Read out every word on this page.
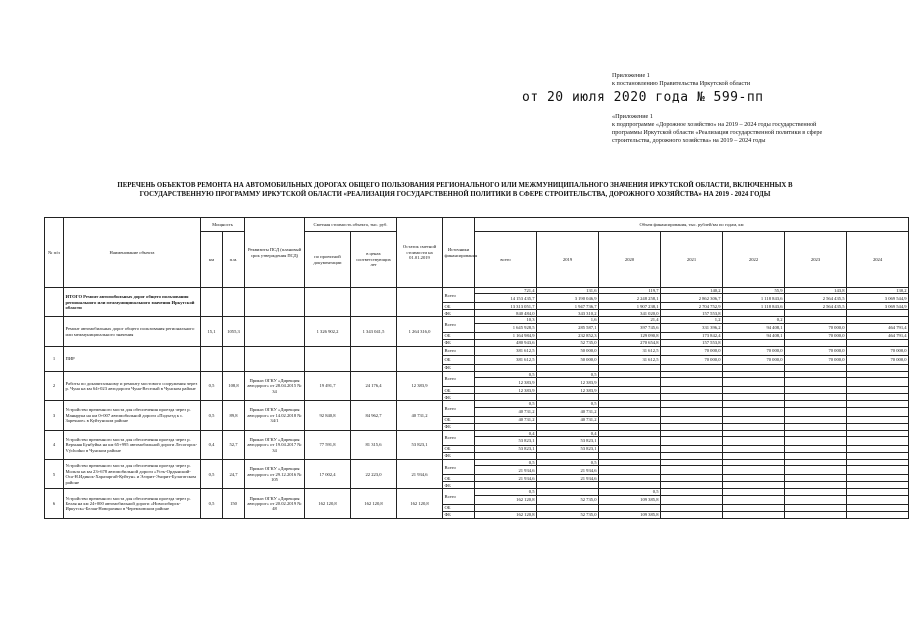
Приложение 1
к постановлению Правительства Иркутской области
от 20 июля 2020 года № 599-пп
«Приложение 1
к подпрограмме «Дорожное хозяйство» на 2019 – 2024 годы государственной
программы Иркутской области «Реализация государственной политики в сфере
строительства, дорожного хозяйства» на 2019 – 2024 годы
ПЕРЕЧЕНЬ ОБЪЕКТОВ РЕМОНТА НА АВТОМОБИЛЬНЫХ ДОРОГАХ ОБЩЕГО ПОЛЬЗОВАНИЯ РЕГИОНАЛЬНОГО ИЛИ МЕЖМУНИЦИПАЛЬНОГО ЗНАЧЕНИЯ ИРКУТСКОЙ ОБЛАСТИ, ВКЛЮЧЕННЫХ В
ГОСУДАРСТВЕННУЮ ПРОГРАММУ ИРКУТСКОЙ ОБЛАСТИ «РЕАЛИЗАЦИЯ ГОСУДАРСТВЕННОЙ ПОЛИТИКИ В СФЕРЕ СТРОИТЕЛЬСТВА, ДОРОЖНОГО ХОЗЯЙСТВА» НА 2019 - 2024 ГОДЫ
№ п/п	Наименование объекта	Мощность		Реквизиты ПСД (плановый срок утверждения ПСД)	Сметная стоимость объекта, тыс. руб.		Остаток сметной стоимости на 01.01.2019	Источники финансирования	Объем финансирования, тыс. рублей/км по годам, км						
		км	п.м.		по проектной документации	в ценах соответствующих лет			всего	2019	2020	2021	2022	2023	2024
	ИТОГО Ремонт автомобильных дорог общего пользования регионального или межмуниципального значения Иркутской области							Всего	721,4	131,6	119,7	140,2	55,9	143,8	130,2
									14 153 435,7	3 190 046,9	2 248 258,1	2 862 306,7	1 118 843,6	2 564 435,5	3 069 544,9
								ОБ	13 313 051,7	1 947 736,7	1 907 238,1	2 704 752,9	1 118 843,6	2 564 435,5	3 069 544,9
								ФБ	840 484,0	343 310,2	341 020,0	157 553,8			
	Ремонт автомобильных дорог общего пользования регионального или межмуниципального значения	15,1	1055,3		1 326 902,2	1 343 041,5	1 264 316,0	Всего	10,3	1,6	21,4	1,2	0,2		
									1 645 928,5	285 587,1	397 745,6	331 396,2	94 408,1	70 000,0	464 791,4
								ОБ	1 164 984,9	232 852,3	129 090,8	173 842,4	94 408,1	70 000,0	464 791,4
								ФБ	480 943,6	52 735,0	270 654,8	157 553,8			
1	ПИР							Всего	381 612,5	50 000,0	31 612,5	70 000,0	70 000,0	70 000,0	70 000,0
								ОБ	381 612,5	50 000,0	31 612,5	70 000,0	70 000,0	70 000,0	70 000,0
								ФБ							
2	Работы по докапитальному и ремонту мостового сооружения через р. Чуна на км 64+023 автодороги Чуна-Веселый в Чунском районе	0,5	108,8	Приказ ОГКУ «Дирекция автодорог» от 28.04.2015 № 34	19 491,7	24 176,4	12 383,9	Всего	0,5	0,5					
									12 383,9	12 383,9					
								ОБ	12 383,9	12 383,9					
								ФБ							
3	Устройство временного моста для обеспечения проезда через р. Маннрука на км 0+007 автомобильной дороги «Подъезд к с. Заречное» в Куйтунском районе	0,5	89,8	Приказ ОГКУ «Дирекция автодорог» от 14.02.2018 № 34/1	92 840,8	84 962,7	40 731,2	Всего	0,5	0,5					
									40 731,2	40 731,2					
								ОБ	40 731,2	40 731,2					
								ФБ							
4	Устройство временного моста для обеспечения проезда через р. Верхняя Бунбуйка на км 65+995 автомобильной дороги Лесогорск-Východно в Чунском районе	0,4	52,7	Приказ ОГКУ «Дирекция автодорог» от 19.04.2017 № 34	77 591,8	81 315,6	53 823,1	Всего	0,4	0,4					
									53 823,1	53 823,1					
								ОБ	53 823,1	53 823,1					
								ФБ							
5	Устройство временного моста для обеспечения проезда через р. Мольза на км 23+678 автомобильной дороги «Усть-Ордынский-Оса-Н.Идинск-Харазаргай-Куйтун» и Элэрит-Эхирит-Булагатском районе	0,5	24,7	Приказ ОГКУ «Дирекция автодорог» от 29.12.2016 № 105	17 002,4	22 223,0	21 934,6	Всего	0,5	0,5					
									21 934,6	21 934,6					
								ОБ	21 934,6	21 934,6					
								ФБ							
6	Устройство временного моста для обеспечения проезда через р. Белая на км 24+000 автомобильной дороги «Новосибирск-Иркутск»-Белая-Новоразино в Черемховском районе	0,5	150	Приказ ОГКУ «Дирекция автодорог» от 20.02.2019 № 48	162 120,8	162 120,8	162 120,8	Всего	0,5		0,5				
									162 120,8	52 735,0	109 385,8				
								ОБ							
								ФБ	162 120,8	52 735,0	109 385,8				
